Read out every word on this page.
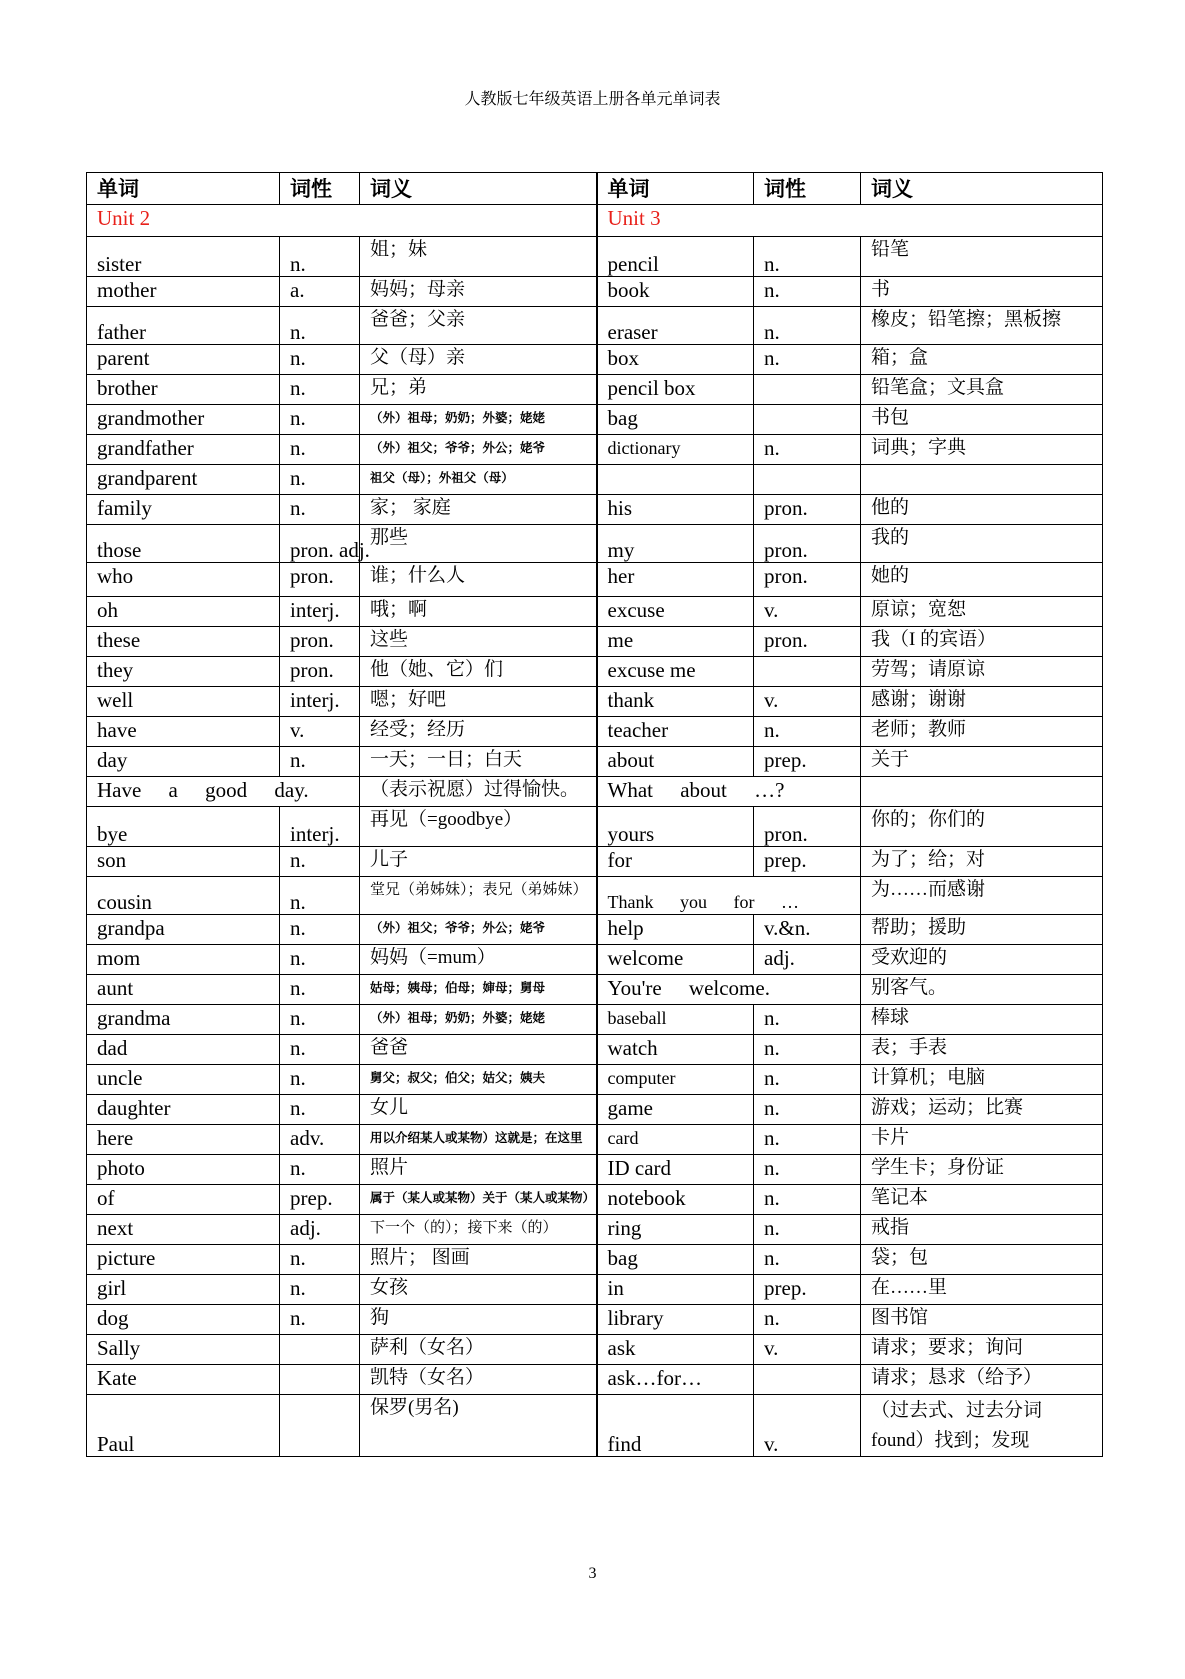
人教版七年级英语上册各单元单词表
单词	词性	词义	单词	词性	词义
Unit 2			Unit 3		
sister	n.	姐；妹	pencil	n.	铅笔
mother	a.	妈妈；母亲	book	n.	书
father	n.	爸爸；父亲	eraser	n.	橡皮；铅笔擦；黑板擦
parent	n.	父（母）亲	box	n.	箱；盒
brother	n.	兄；弟	pencil box		铅笔盒；文具盒
grandmother	n.	（外）祖母；奶奶；外婆；姥姥	bag		书包
grandfather	n.	（外）祖父；爷爷；外公；姥爷	dictionary	n.	词典；字典
grandparent	n.	祖父（母）；外祖父（母）			
family	n.	家； 家庭	his	pron.	他的
those	pron. adj.	那些	my	pron.	我的
who	pron.	谁；什么人	her	pron.	她的
oh	interj.	哦；啊	excuse	v.	原谅；宽恕
these	pron.	这些	me	pron.	我（I 的宾语）
they	pron.	他（她、它）们	excuse me		劳驾；请原谅
well	interj.	嗯；好吧	thank	v.	感谢；谢谢
have	v.	经受；经历	teacher	n.	老师；教师
day	n.	一天；一日；白天	about	prep.	关于
Have a good day.		（表示祝愿）过得愉快。	What about …?		
bye	interj.	再见（=goodbye）	yours	pron.	你的；你们的
son	n.	儿子	for	prep.	为了；给；对
cousin	n.	堂兄（弟姊妹）；表兄（弟姊妹）	Thank you for …		为……而感谢
grandpa	n.	（外）祖父；爷爷；外公；姥爷	help	v.&n.	帮助；援助
mom	n.	妈妈（=mum）	welcome	adj.	受欢迎的
aunt	n.	姑母；姨母；伯母；婶母；舅母	You're welcome.		别客气。
grandma	n.	（外）祖母；奶奶；外婆；姥姥	baseball	n.	棒球
dad	n.	爸爸	watch	n.	表；手表
uncle	n.	舅父；叔父；伯父；姑父；姨夫	computer	n.	计算机；电脑
daughter	n.	女儿	game	n.	游戏；运动；比赛
here	adv.	用以介绍某人或某物）这就是；在这里	card	n.	卡片
photo	n.	照片	ID card	n.	学生卡；身份证
of	prep.	属于（某人或某物）关于（某人或某物）	notebook	n.	笔记本
next	adj.	下一个（的）；接下来（的）	ring	n.	戒指
picture	n.	照片； 图画	bag	n.	袋；包
girl	n.	女孩	in	prep.	在……里
dog	n.	狗	library	n.	图书馆
Sally		萨利（女名）	ask	v.	请求；要求；询问
Kate		凯特（女名）	ask…for…		请求；恳求（给予）
Paul		保罗(男名)	find	v.	（过去式、过去分词 found）找到；发现
3
